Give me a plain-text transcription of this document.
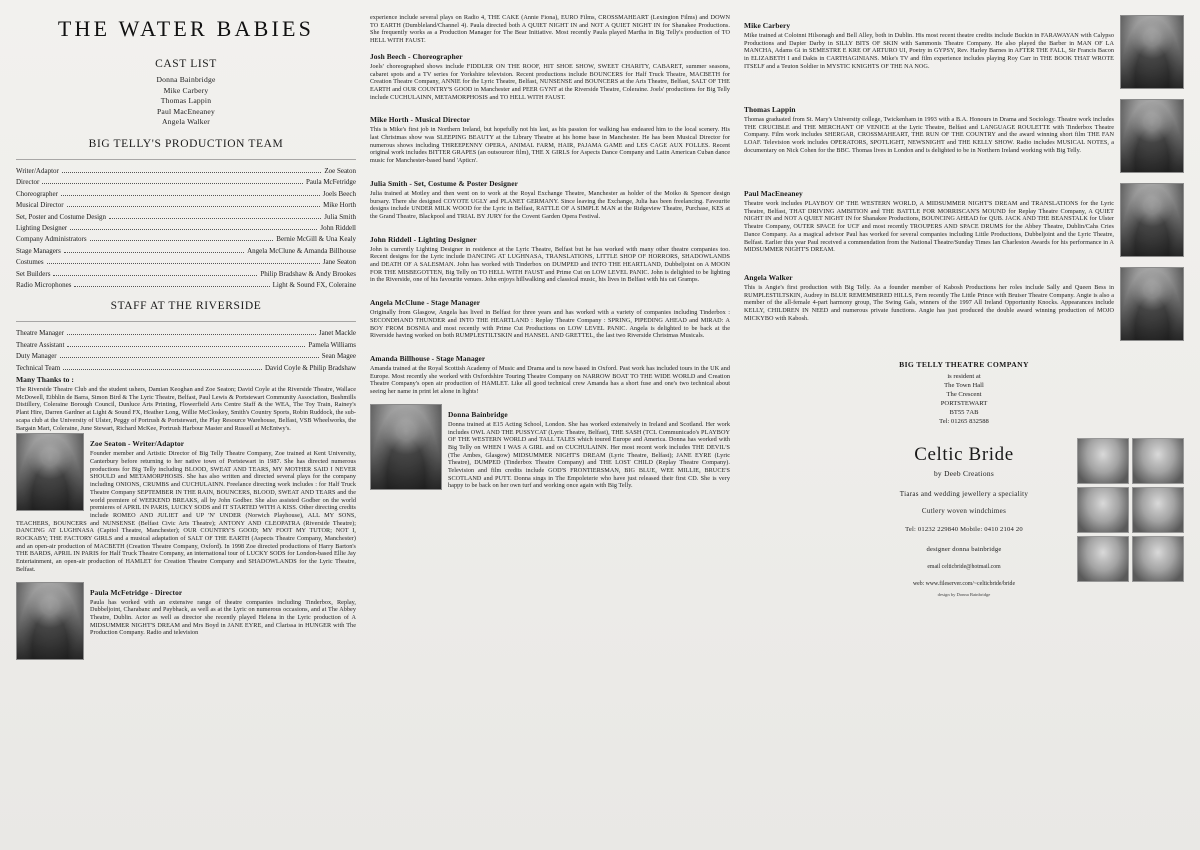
THE WATER BABIES
CAST LIST
Donna Bainbridge
Mike Carbery
Thomas Lappin
Paul MacEneaney
Angela Walker
BIG TELLY'S PRODUCTION TEAM
Writer/Adaptor	Zoe Seaton
Director	Paula McFetridge
Choreographer	Joels Beech
Musical Director	Mike Horth
Set, Poster and Costume Design	Julia Smith
Lighting Designer	John Riddell
Company Administrators	Bernie McGill & Una Kealy
Stage Managers	Angela McClune & Amanda Billhouse
Costumes	Jane Seaton
Set Builders	Philip Bradshaw & Andy Brookes
Radio Microphones	Light & Sound FX, Coleraine
STAFF AT THE RIVERSIDE
Theatre Manager	Janet Mackle
Theatre Assistant	Pamela Williams
Duty Manager	Sean Magee
Technical Team	David Coyle & Philip Bradshaw
Many Thanks to :
The Riverside Theatre Club and the student ushers, Damian Keoghan and Zoe Seaton; David Coyle at the Riverside Theatre, Wallace McDowell, Eibhlin de Barra, Simon Bird & The Lyric Theatre, Belfast, Paul Lewis & Portstewart Community Association, Bushmills Distillery, Coleraine Borough Council, Dunluce Arts Printing, Flowerfield Arts Centre Staff & the WEA, The Toy Train, Rainey's Plant Hire, Darren Gardner at Light & Sound FX, Heather Long, Willie McCloskey, Smith's Country Sports, Robin Ruddock, the sub-scapa club at the University of Ulster, Peggy of Portrush & Portstewart, the Play Resource Warehouse, Belfast, VSB Wheelworks, the Bargain Mart, Coleraine, June Stewart, Richard McKee, Portrush Harbour Master and Russell at McEntwy's.
Zoe Seaton - Writer/Adaptor
Founder member and Artistic Director of Big Telly Theatre Company, Zoe trained at Kent University, Canterbury before returning to her native town of Portstewart in 1987. She has directed numerous productions for Big Telly including BLOOD, SWEAT AND TEARS, MY MOTHER SAID I NEVER SHOULD and METAMORPHOSIS. She has also written and directed several plays for the company including ONIONS, CRUMBS and CUCHULAINN. Freelance directing work includes : for Half Truck Theatre Company SEPTEMBER IN THE RAIN, BOUNCERS, BLOOD, SWEAT AND TEARS and the world premiere of WEEKEND BREAKS, all by John Godber. She also assisted Godber on the world premieres of APRIL IN PARIS, LUCKY SODS and IT STARTED WITH A KISS. Other directing credits include ROMEO AND JULIET and UP 'N' UNDER (Norwich Playhouse), ALL MY SONS, TEACHERS, BOUNCERS and NUNSENSE (Belfast Civic Arts Theatre); ANTONY AND CLEOPATRA (Riverside Theatre); DANCING AT LUGHNASA (Capitol Theatre, Manchester); OUR COUNTRY'S GOOD; MY FOOT MY TUTOR; NOT I, ROCKABY; THE FACTORY GIRLS and a musical adaptation of SALT OF THE EARTH (Aspects Theatre Company, Manchester) and an open-air production of MACBETH (Creation Theatre Company, Oxford). In 1998 Zoe directed productions of Harry Barton's THE BARDS, APRIL IN PARIS for Half Truck Theatre Company, an international tour of LUCKY SODS for London-based Ellie Jay Entertainment, an open-air production of HAMLET for Creation Theatre Company and SHADOWLANDS for the Lyric Theatre, Belfast.
Paula McFetridge - Director
Paula has worked with an extensive range of theatre companies including Tinderbox, Replay, Dubbeljoint, Charabanc and Paybhack, as well as at the Lyric on numerous occasions, and at The Abbey Theatre, Dublin. Actor as well as director she recently played Helena in the Lyric production of A MIDSUMMER NIGHT'S DREAM and Mrs Boyd in JANE EYRE, and Clarissa in HUNGER with The Production Company. Radio and television
experience include several plays on Radio 4, THE CAKE (Annie Fiona), EURO Films, CROSSMAHEART (Lexington Films) and DOWN TO EARTH (Dumbleland/Channel 4). Paula directed both A QUIET NIGHT IN and NOT A QUIET NIGHT IN for Shanakee Productions. She frequently works as a Production Manager for The Bear Initiative. Most recently Paula played Martha in Big Telly's production of TO HELL WITH FAUST.
Josh Beech - Choreographer
Joels' choreographed shows include FIDDLER ON THE ROOF, HIT SHOE SHOW, SWEET CHARITY, CABARET, summer seasons, cabaret spots and a TV series for Yorkshire television. Recent productions include BOUNCERS for Half Truck Theatre, MACBETH for Creation Theatre Company, ANNIE for the Lyric Theatre, Belfast, NUNSENSE and BOUNCERS at the Arts Theatre, Belfast, SALT OF THE EARTH and OUR COUNTRY'S GOOD in Manchester and PEER GYNT at the Riverside Theatre, Coleraine. Joels' productions for Big Telly include CUCHULAINN, METAMORPHOSIS and TO HELL WITH FAUST.
Mike Horth - Musical Director
This is Mike's first job in Northern Ireland, but hopefully not his last, as his passion for walking has endeared him to the local scenery. His last Christmas show was SLEEPING BEAUTY at the Library Theatre at his home base in Manchester. He has been Musical Director for numerous shows including THREEPENNY OPERA, ANIMAL FARM, HAIR, PAJAMA GAME and LES CAGE AUX FOLLES. Recent original work includes BITTER GRAPES (an outsourcer film), THE X GIRLS for Aspects Dance Company and Latin American Cuban dance music for Manchester-based band 'Apticn'.
Julia Smith - Set, Costume & Poster Designer
Julia trained at Motley and then went on to work at the Royal Exchange Theatre, Manchester as holder of the Moiko & Spencer design bursary. There she designed COYOTE UGLY and PLANET GERMANY. Since leaving the Exchange, Julia has been freelancing. Favourite designs include UNDER MILK WOOD for the Lyric in Belfast, RATTLE OF A SIMPLE MAN at the Ridgeview Theatre, Purchase, KES at the Grand Theatre, Blackpool and TRIAL BY JURY for the Covent Garden Opera Festival.
John Riddell - Lighting Designer
John is currently Lighting Designer in residence at the Lyric Theatre, Belfast but he has worked with many other theatre companies too. Recent designs for the Lyric include DANCING AT LUGHNASA, TRANSLATIONS, LITTLE SHOP OF HORRORS, SHADOWLANDS and DEATH OF A SALESMAN. John has worked with Tinderbox on DUMPED and INTO THE HEARTLAND, Dubbeljoint on A MOON FOR THE MISBEGOTTEN, Big Telly on TO HELL WITH FAUST and Prime Cut on LOW LEVEL PANIC. John is delighted to be lighting in the Riverside, one of his favourite venues. John enjoys hillwalking and classical music, his lives in Belfast with his cat Gramps.
Angela McClune - Stage Manager
Originally from Glasgow, Angela has lived in Belfast for three years and has worked with a variety of companies including Tinderbox : SECONDHAND THUNDER and INTO THE HEARTLAND : Replay Theatre Company : SPRING, PIPEDING AHEAD and MIRAD: A BOY FROM BOSNIA and most recently with Prime Cut Productions on LOW LEVEL PANIC. Angela is delighted to be back at the Riverside having worked on both RUMPLESTILTSKIN and HANSEL AND GRETTEL, the last two Riverside Christmas Musicals.
Amanda Billhouse - Stage Manager
Amanda trained at the Royal Scottish Academy of Music and Drama and is now based in Oxford. Past work has included tours in the UK and Europe. Most recently she worked with Oxfordshire Touring Theatre Company on NARROW BOAT TO THE WIDE WORLD and Creation Theatre Company's open air production of HAMLET. Like all good technical crew Amanda has a short fuse and one's two technical about seeing her name in print let alone in lights!
Donna Bainbridge
Donna trained at E15 Acting School, London. She has worked extensively in Ireland and Scotland. Her work includes OWL AND THE PUSSYCAT (Lyric Theatre, Belfast), THE SASH (TCL Communicado's PLAYBOY OF THE WESTERN WORLD and TALL TALES which toured Europe and America. Donna has worked with Big Telly on WHEN I WAS A GIRL and on CUCHULAINN. Her most recent work includes THE DEVIL'S (The Ambes, Glasgow) MIDSUMMER NIGHT'S DREAM (Lyric Theatre, Belfast); JANE EYRE (Lyric Theatre), DUMPED (Tinderbox Theatre Company) and THE LOST CHILD (Replay Theatre Company). Television and film credits include GOD'S FRONTIERSMAN, BIG BLUE, WEE MILLIE, BRUCE'S SCOTLAND and PUTT. Donna sings in The Empoleterie who have just released their first CD. She is very happy to be back on her own turf and working once again with Big Telly.
Mike Carbery
Mike trained at Coloinni Hilsonagh and Bell Alley, both in Dublin. His most recent theatre credits include Buckin in FARAWAYAN with Calypso Productions and Dapier Darby in SILLY BITS OF SKIN with Sammonis Theatre Company. He also played the Barber in MAN OF LA MANCHA, Adams Gi in SEMESTRE E KRE OF ARTURO UI, Poetry in GYPSY, Rev. Harley Barnes in AFTER THE FALL, Sir Francis Bacon in ELIZABETH I and Dakis in CARTHAGINIANS. Mike's TV and film experience includes playing Roy Carr in THE BOOK THAT WROTE ITSELF and a Teuton Soldier in MYSTIC KNIGHTS OF THE NA NOG.
Thomas Lappin
Thomas graduated from St. Mary's University college, Twickenham in 1993 with a B.A. Honours in Drama and Sociology. Theatre work includes THE CRUCIBLE and THE MERCHANT OF VENICE at the Lyric Theatre, Belfast and LANGUAGE ROULETTE with Tinderbox Theatre Company. Film work includes SHERGAR, CROSSMAHEART, THE RUN OF THE COUNTRY and the award winning short film THE FAN LOAF. Television work includes OPERATORS, SPOTLIGHT, NEWSNIGHT and THE KELLY SHOW. Radio includes MUSICAL NOTES, a documentary on Nick Cohen for the BBC. Thomas lives in London and is delighted to be in Northern Ireland working with Big Telly.
Paul MacEneaney
Theatre work includes PLAYBOY OF THE WESTERN WORLD, A MIDSUMMER NIGHT'S DREAM and TRANSLATIONS for the Lyric Theatre, Belfast, THAT DRIVING AMBITION and THE BATTLE FOR MORRISCAN'S MOUND for Replay Theatre Company, A QUIET NIGHT IN and NOT A QUIET NIGHT IN for Shanakee Productions, BOUNCING AHEAD for QUB. JACK AND THE BEANSTALK for Ulster Theatre Company, OUTER SPACE for UCF and most recently TROUPERS AND SPACE DRUMS for the Abbey Theatre, Dublin/Cahs Cries Dance Company. As a magical advisor Paul has worked for several companies including Little Productions, Dubbeljoint and the Lyric Theatre, Belfast. Earlier this year Paul received a commendation from the National Theatre/Sunday Times Ian Charleston Awards for his performance in A MIDSUMMER NIGHT'S DREAM.
Angela Walker
This is Angie's first production with Big Telly. As a founder member of Kabosh Productions her roles include Sally and Queen Bess in RUMPLESTILTSKIN, Audrey in BLUE REMEMBERED HILLS, Fern recently The Little Prince with Bruiser Theatre Company. Angie is also a member of the all-female 4-part harmony group, The Swing Gals, winners of the 1997 All Ireland Opportunity Knocks. Appearances include KELLY, CHILDREN IN NEED and numerous private functions. Angie has just produced the double award winning production of MOJO MICKYBO with Kabosh.
BIG TELLY THEATRE COMPANY
is resident at
The Town Hall
The Crescent
PORTSTEWART
BT55 7AB
Tel: 01265 832588
Celtic Bride
by Deeb Creations
Tiaras and wedding jewellery a speciality
Cutlery woven windchimes
Tel: 01232 229840 Mobile: 0410 2104 20
designer donna bainbridge
email celticbride@hotmail.com
web: www.fileserver.com/~celticbride/bride
design by Donna Bainbridge
